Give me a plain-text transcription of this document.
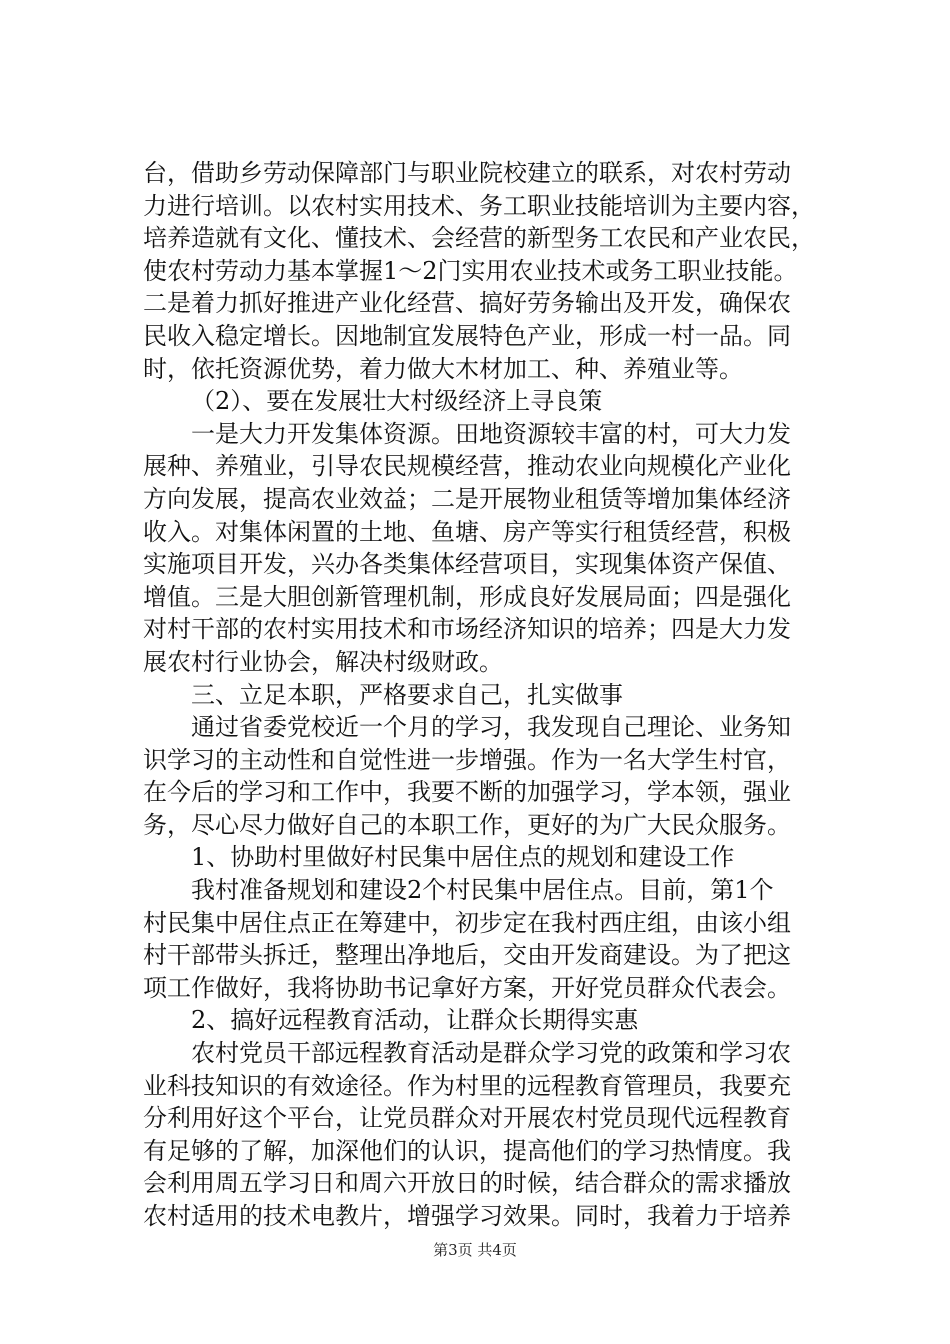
台，借助乡劳动保障部门与职业院校建立的联系，对农村劳动
力进行培训。以农村实用技术、务工职业技能培训为主要内容，
培养造就有文化、懂技术、会经营的新型务工农民和产业农民，
使农村劳动力基本掌握1～2门实用农业技术或务工职业技能。
二是着力抓好推进产业化经营、搞好劳务输出及开发，确保农
民收入稳定增长。因地制宜发展特色产业，形成一村一品。同
时，依托资源优势，着力做大木材加工、种、养殖业等。
（2）、要在发展壮大村级经济上寻良策
一是大力开发集体资源。田地资源较丰富的村，可大力发
展种、养殖业，引导农民规模经营，推动农业向规模化产业化
方向发展，提高农业效益；二是开展物业租赁等增加集体经济
收入。对集体闲置的土地、鱼塘、房产等实行租赁经营，积极
实施项目开发，兴办各类集体经营项目，实现集体资产保值、
增值。三是大胆创新管理机制，形成良好发展局面；四是强化
对村干部的农村实用技术和市场经济知识的培养；四是大力发
展农村行业协会，解决村级财政。
三、立足本职，严格要求自己，扎实做事
通过省委党校近一个月的学习，我发现自己理论、业务知
识学习的主动性和自觉性进一步增强。作为一名大学生村官，
在今后的学习和工作中，我要不断的加强学习，学本领，强业
务，尽心尽力做好自己的本职工作，更好的为广大民众服务。
1、协助村里做好村民集中居住点的规划和建设工作
我村准备规划和建设2个村民集中居住点。目前，第1个
村民集中居住点正在筹建中，初步定在我村西庄组，由该小组
村干部带头拆迁，整理出净地后，交由开发商建设。为了把这
项工作做好，我将协助书记拿好方案，开好党员群众代表会。
2、搞好远程教育活动，让群众长期得实惠
农村党员干部远程教育活动是群众学习党的政策和学习农
业科技知识的有效途径。作为村里的远程教育管理员，我要充
分利用好这个平台，让党员群众对开展农村党员现代远程教育
有足够的了解，加深他们的认识，提高他们的学习热情度。我
会利用周五学习日和周六开放日的时候，结合群众的需求播放
农村适用的技术电教片，增强学习效果。同时，我着力于培养
第3页 共4页
